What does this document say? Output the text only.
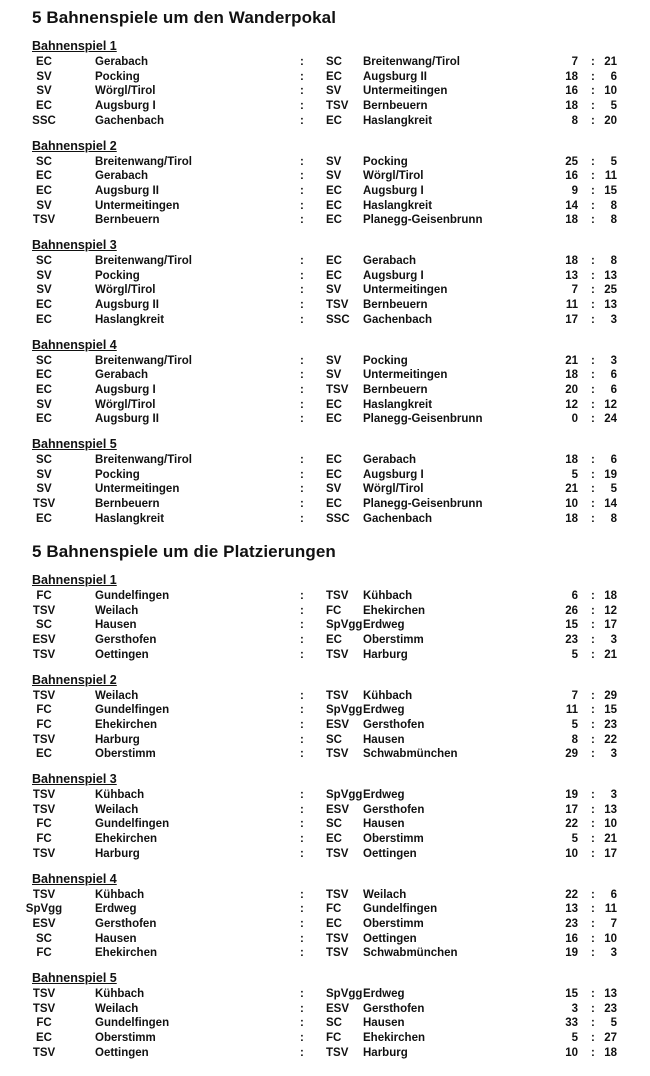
5 Bahnenspiele um den Wanderpokal
Bahnenspiel 1
EC	Gerabach	: SC Breitenwang/Tirol	7 : 21
SV	Pocking	: EC Augsburg II	18 :	6
SV	Wörgl/Tirol	: SV Untermeitingen	16 : 10
EC	Augsburg I	: TSV Bernbeuern	18 :	5
SSC	Gachenbach	: EC Haslangkreit	8 : 20
Bahnenspiel 2
SC	Breitenwang/Tirol	: SV Pocking	25 :	5
EC	Gerabach	: SV Wörgl/Tirol	16 : 11
EC	Augsburg II	: EC Augsburg I	9 : 15
SV	Untermeitingen	: EC Haslangkreit	14 :	8
TSV	Bernbeuern	: EC Planegg-Geisenbrunn	18 :	8
Bahnenspiel 3
SC	Breitenwang/Tirol	: EC Gerabach	18 :	8
SV	Pocking	: EC Augsburg I	13 : 13
SV	Wörgl/Tirol	: SV Untermeitingen	7 : 25
EC	Augsburg II	: TSV Bernbeuern	11 : 13
EC	Haslangkreit	: SSC Gachenbach	17 :	3
Bahnenspiel 4
SC	Breitenwang/Tirol	: SV Pocking	21 :	3
EC	Gerabach	: SV Untermeitingen	18 :	6
EC	Augsburg I	: TSV Bernbeuern	20 :	6
SV	Wörgl/Tirol	: EC Haslangkreit	12 : 12
EC	Augsburg II	: EC Planegg-Geisenbrunn	0 : 24
Bahnenspiel 5
SC	Breitenwang/Tirol	: EC Gerabach	18 :	6
SV	Pocking	: EC Augsburg I	5 : 19
SV	Untermeitingen	: SV Wörgl/Tirol	21 :	5
TSV	Bernbeuern	: EC Planegg-Geisenbrunn	10 : 14
EC	Haslangkreit	: SSC Gachenbach	18 :	8
5 Bahnenspiele um die Platzierungen
Bahnenspiel 1
FC	Gundelfingen	: TSV Kühbach	6 : 18
TSV	Weilach	: FC Ehekirchen	26 : 12
SC	Hausen	: SpVgg Erdweg	15 : 17
ESV	Gersthofen	: EC Oberstimm	23 :	3
TSV	Oettingen	: TSV Harburg	5 : 21
Bahnenspiel 2
TSV	Weilach	: TSV Kühbach	7 : 29
FC	Gundelfingen	: SpVgg Erdweg	11 : 15
FC	Ehekirchen	: ESV Gersthofen	5 : 23
TSV	Harburg	: SC Hausen	8 : 22
EC	Oberstimm	: TSV Schwabmünchen	29 :	3
Bahnenspiel 3
TSV	Kühbach	: SpVgg Erdweg	19 :	3
TSV	Weilach	: ESV Gersthofen	17 : 13
FC	Gundelfingen	: SC Hausen	22 : 10
FC	Ehekirchen	: EC Oberstimm	5 : 21
TSV	Harburg	: TSV Oettingen	10 : 17
Bahnenspiel 4
TSV	Kühbach	: TSV Weilach	22 :	6
SpVgg	Erdweg	: FC Gundelfingen	13 : 11
ESV	Gersthofen	: EC Oberstimm	23 :	7
SC	Hausen	: TSV Oettingen	16 : 10
FC	Ehekirchen	: TSV Schwabmünchen	19 :	3
Bahnenspiel 5
TSV	Kühbach	: SpVgg Erdweg	15 : 13
TSV	Weilach	: ESV Gersthofen	3 : 23
FC	Gundelfingen	: SC Hausen	33 :	5
EC	Oberstimm	: FC Ehekirchen	5 : 27
TSV	Oettingen	: TSV Harburg	10 : 18
